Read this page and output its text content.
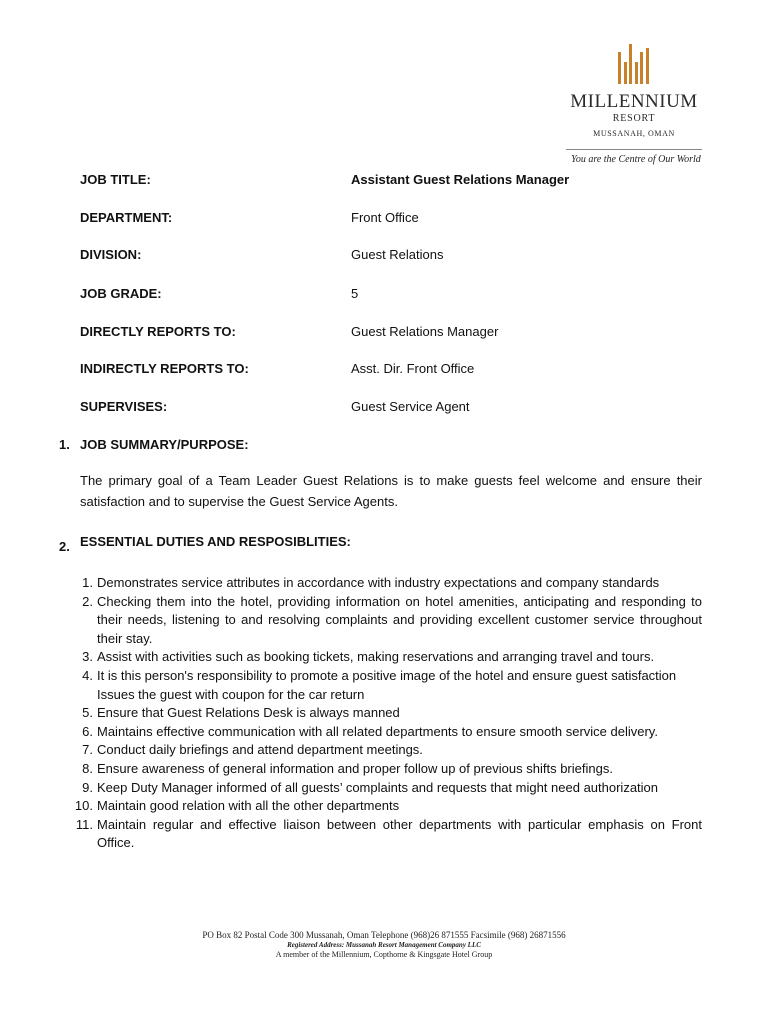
MILLENNIUM
RESORT
MUSSANAH, OMAN
You are the Centre of Our World
JOB TITLE:	Assistant Guest Relations Manager
DEPARTMENT:	Front Office
DIVISION:	Guest Relations
JOB GRADE:	5
DIRECTLY REPORTS TO:	Guest Relations Manager
INDIRECTLY REPORTS TO:	Asst. Dir. Front Office
SUPERVISES:	Guest Service Agent
1. JOB SUMMARY/PURPOSE:
The primary goal of a Team Leader Guest Relations is to make guests feel welcome and ensure their satisfaction and to supervise the Guest Service Agents.
2. ESSENTIAL DUTIES AND RESPOSIBLITIES:
1. Demonstrates service attributes in accordance with industry expectations and company standards
2. Checking them into the hotel, providing information on hotel amenities, anticipating and responding to their needs, listening to and resolving complaints and providing excellent customer service throughout their stay.
3. Assist with activities such as booking tickets, making reservations and arranging travel and tours.
4. It is this person's responsibility to promote a positive image of the hotel and ensure guest satisfaction
Issues the guest with coupon for the car return
5. Ensure that Guest Relations Desk is always manned
6. Maintains effective communication with all related departments to ensure smooth service delivery.
7. Conduct daily briefings and attend department meetings.
8. Ensure awareness of general information and proper follow up of previous shifts briefings.
9. Keep Duty Manager informed of all guests’ complaints and requests that might need authorization
10. Maintain good relation with all the other departments
11. Maintain regular and effective liaison between other departments with particular emphasis on Front Office.
PO Box 82 Postal Code 300 Mussanah, Oman Telephone (968)26 871555 Facsimile (968) 26871556
Registered Address: Mussanah Resort Management Company LLC
A member of the Millennium, Copthorne & Kingsgate Hotel Group
